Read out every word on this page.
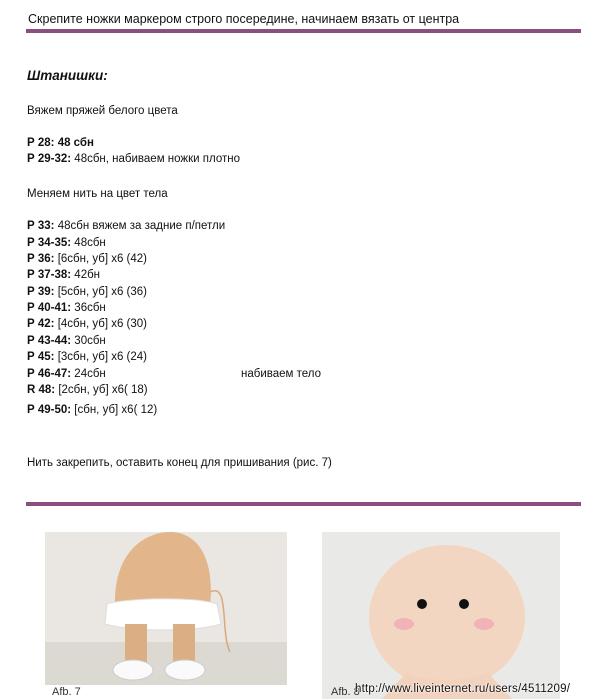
Скрепите ножки маркером строго посередине, начинаем вязать от центра
Штанишки:
Вяжем пряжей белого цвета
Р 28: 48 сбн
Р 29-32: 48сбн, набиваем ножки плотно
Меняем нить на цвет тела
Р 33: 48сбн вяжем за задние п/петли
Р 34-35: 48сбн
Р 36: [6сбн, уб] х6 (42)
Р 37-38: 42бн
Р 39: [5сбн, уб] х6 (36)
Р 40-41: 36сбн
Р 42: [4сбн, уб] х6 (30)
Р 43-44: 30сбн
Р 45: [3сбн, уб] х6 (24)
Р 46-47: 24сбн	набиваем тело
R 48: [2сбн, уб] х6( 18)
Р 49-50: [сбн, уб] х6( 12)
Нить закрепить, оставить конец для пришивания (рис. 7)
Afb. 7	Afb. 8
http://www.liveinternet.ru/users/4511209/
